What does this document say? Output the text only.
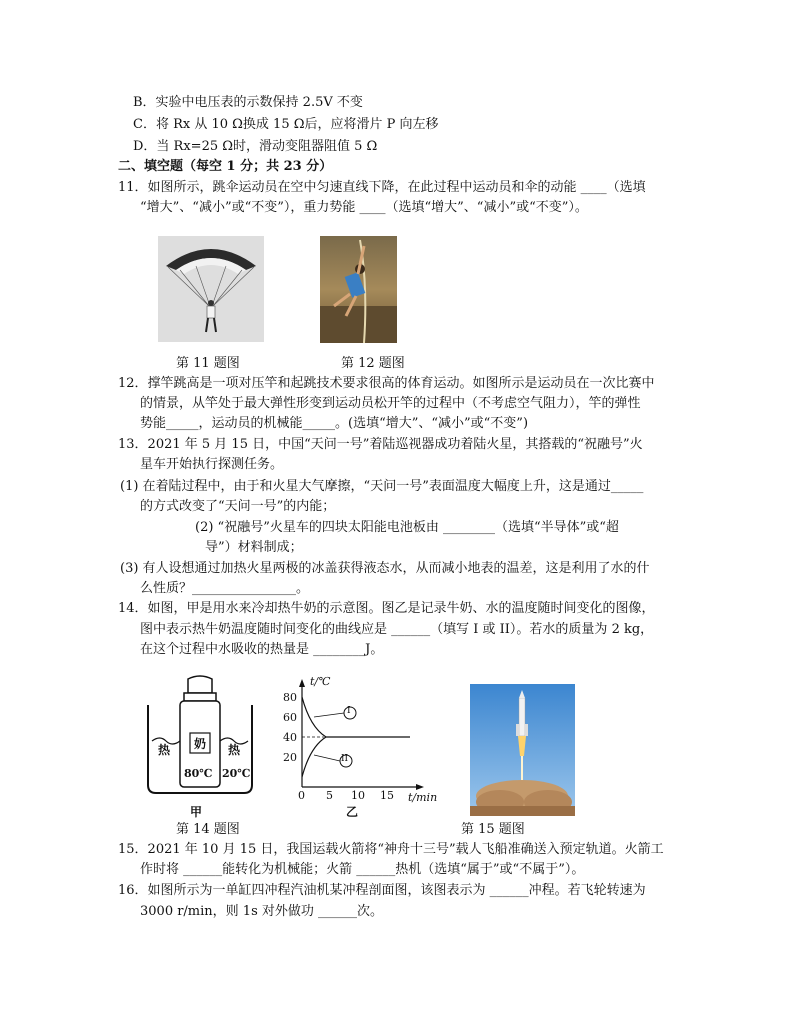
B．实验中电压表的示数保持 2.5V 不变
C．将 Rx 从 10 Ω换成 15 Ω后，应将滑片 P 向左移
D．当 Rx=25 Ω时，滑动变阻器阻值 5 Ω
二、填空题（每空 1 分；共 23 分）
11．如图所示，跳伞运动员在空中匀速直线下降，在此过程中运动员和伞的动能 ____（选填
“增大”、“减小”或“不变”），重力势能 ____（选填“增大”、“减小”或“不变”）。
第 11 题图	第 12 题图
12．撑竿跳高是一项对压竿和起跳技术要求很高的体育运动。如图所示是运动员在一次比赛中
的情景，从竿处于最大弹性形变到运动员松开竿的过程中（不考虑空气阻力），竿的弹性
势能_____，运动员的机械能_____。(选填“增大”、“减小”或“不变”)
13．2021 年 5 月 15 日，中国“天问一号”着陆巡视器成功着陆火星，其搭载的“祝融号”火
星车开始执行探测任务。
(1) 在着陆过程中，由于和火星大气摩擦，“天问一号”表面温度大幅度上升，这是通过_____
的方式改变了“天问一号”的内能；
(2) “祝融号”火星车的四块太阳能电池板由 ________（选填“半导体”或“超
导”）材料制成；
(3) 有人设想通过加热火星两极的冰盖获得液态水，从而减小地表的温差，这是利用了水的什
么性质？________________。
14．如图，甲是用水来冷却热牛奶的示意图。图乙是记录牛奶、水的温度随时间变化的图像，
图中表示热牛奶温度随时间变化的曲线应是 ______（填写 I 或 II）。若水的质量为 2 kg，
在这个过程中水吸收的热量是 ________J。
热 奶 热
80℃ 20℃
甲
t/℃
80
60
40
20
0 5 10 15 t/min
I
II
乙
第 14 题图	第 15 题图
15．2021 年 10 月 15 日，我国运载火箭将“神舟十三号”载人飞船准确送入预定轨道。火箭工
作时将 ______能转化为机械能；火箭 ______热机（选填“属于”或“不属于”）。
16．如图所示为一单缸四冲程汽油机某冲程剖面图，该图表示为 ______冲程。若飞轮转速为
3000 r/min，则 1s 对外做功 ______次。
